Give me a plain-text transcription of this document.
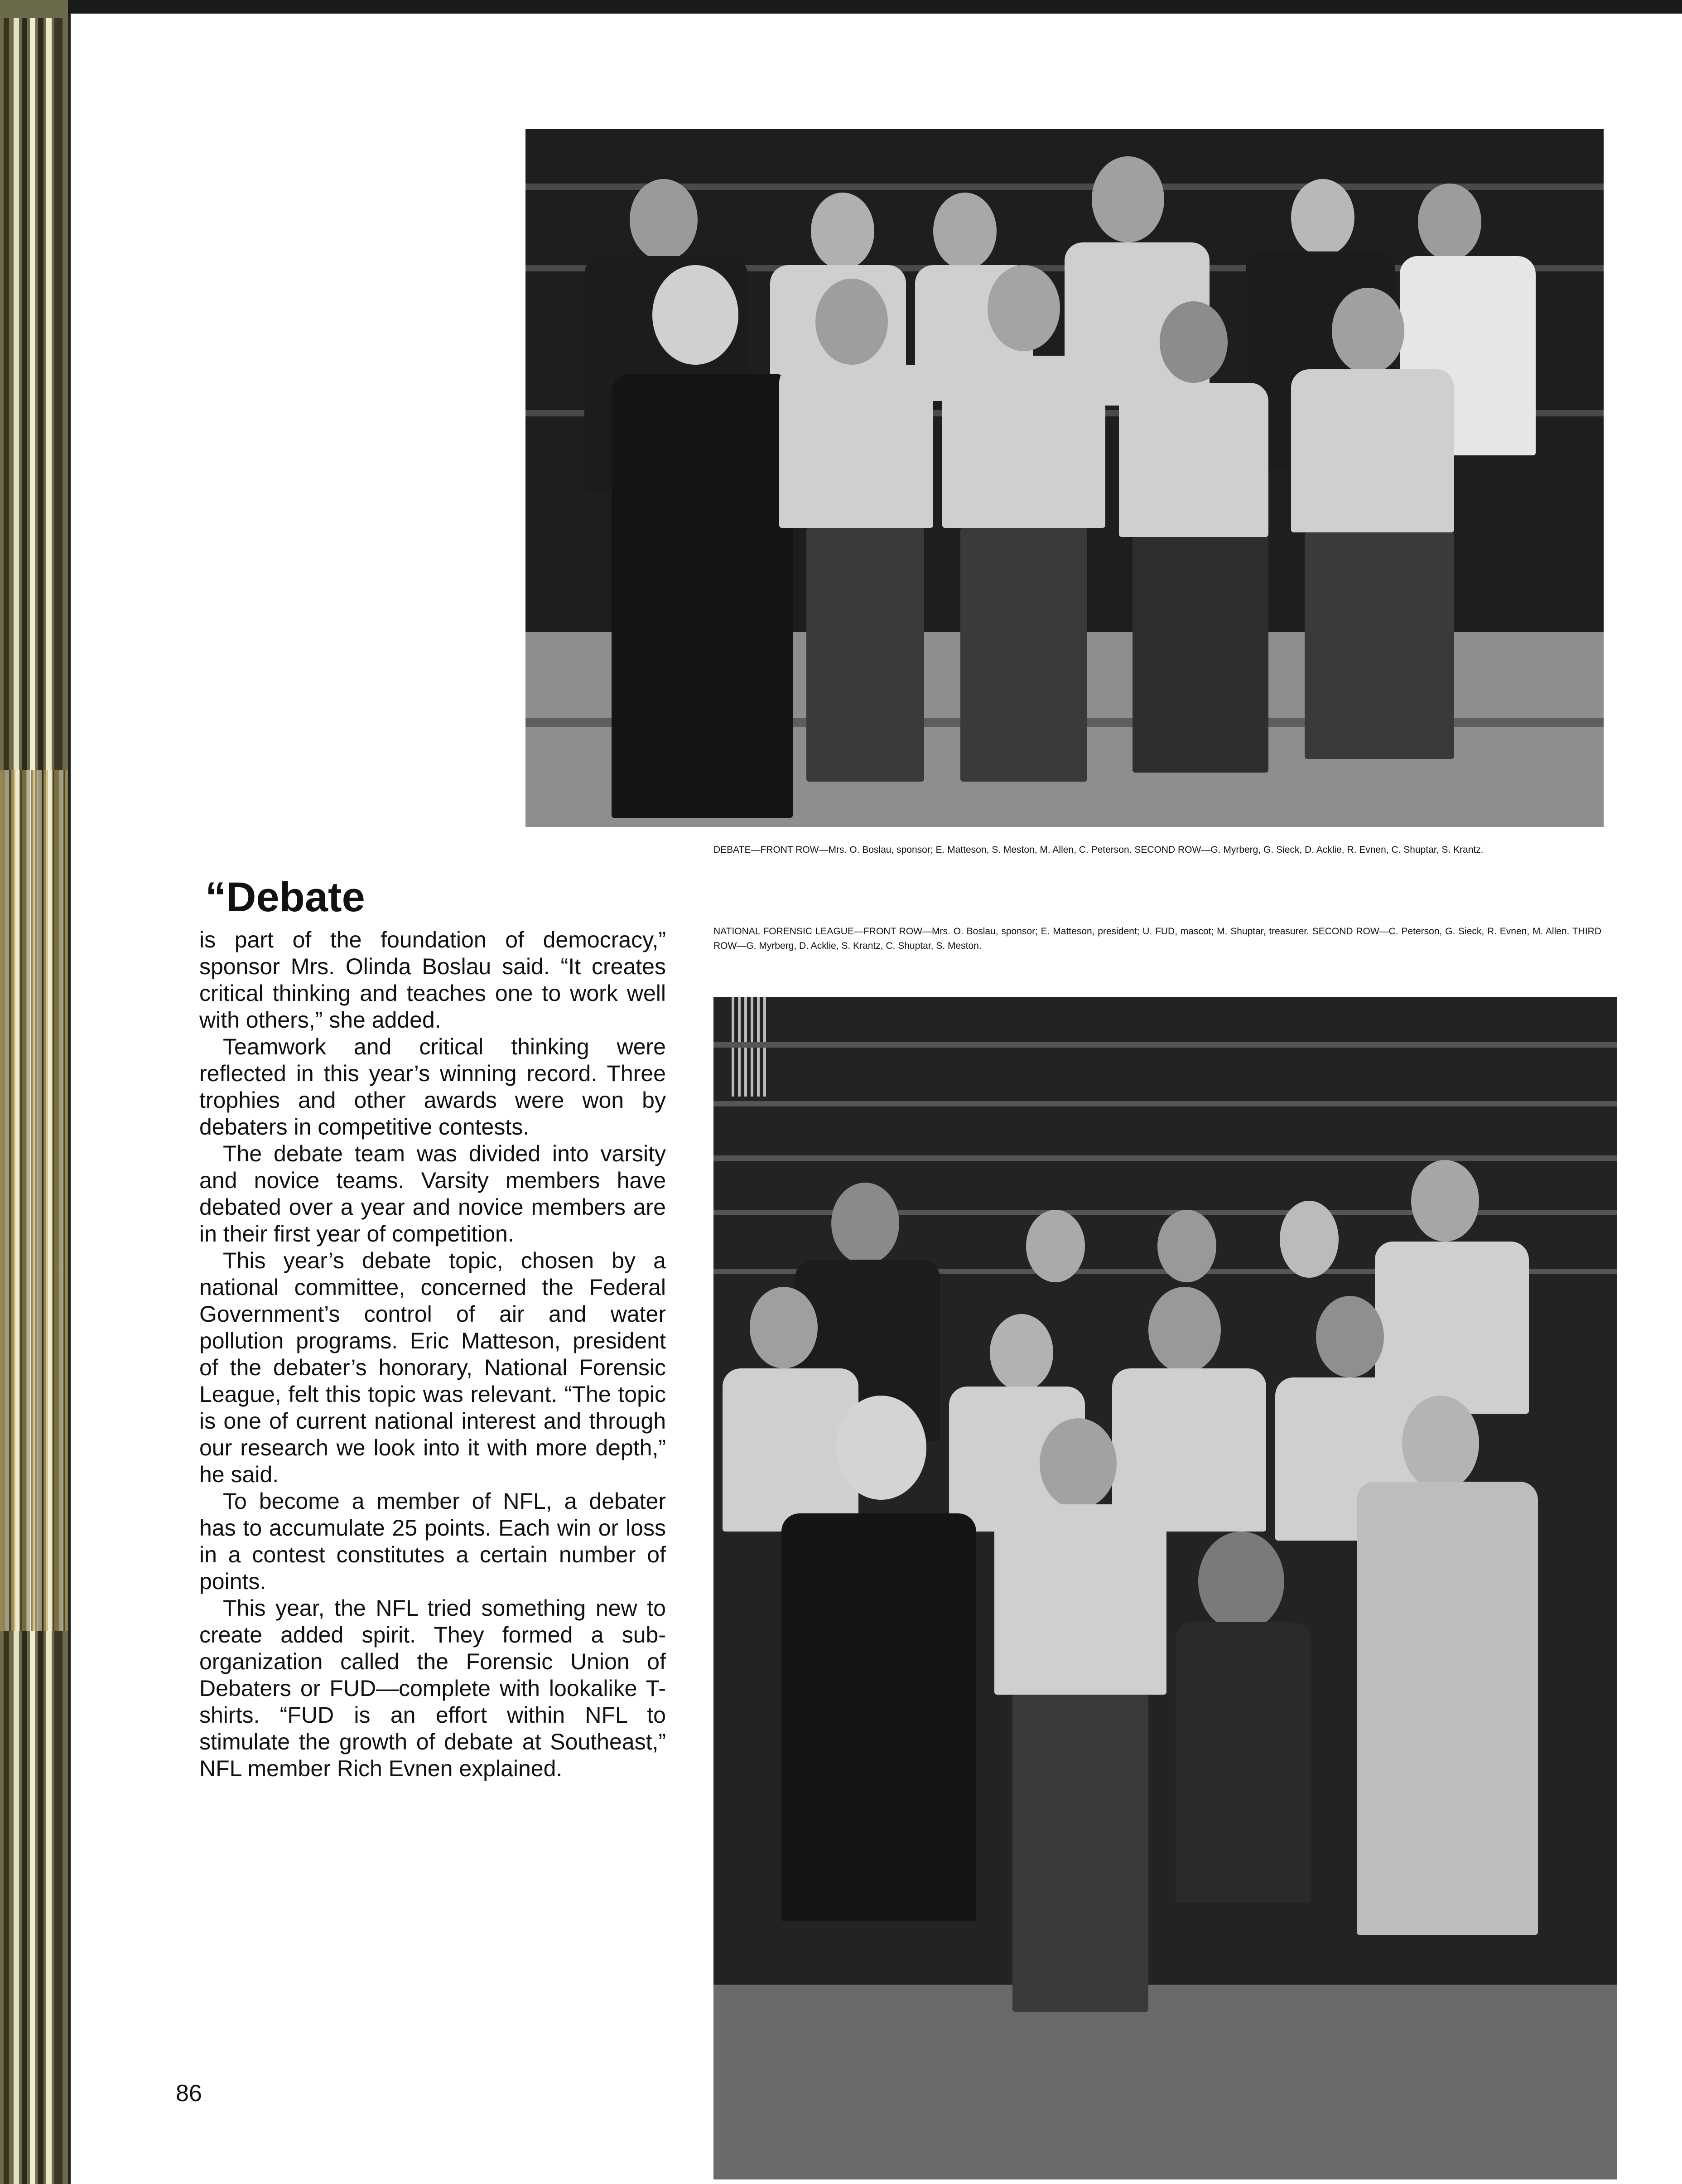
DEBATE—FRONT ROW—Mrs. O. Boslau, sponsor; E. Matteson, S. Meston, M. Allen, C. Peterson. SECOND ROW—G. Myrberg, G. Sieck, D. Acklie, R. Evnen, C. Shuptar, S. Krantz.
NATIONAL FORENSIC LEAGUE—FRONT ROW—Mrs. O. Boslau, sponsor; E. Matteson, president; U. FUD, mascot; M. Shuptar, treasurer. SECOND ROW—C. Peterson, G. Sieck, R. Evnen, M. Allen. THIRD ROW—G. Myrberg, D. Acklie, S. Krantz, C. Shuptar, S. Meston.
“Debate

is part of the foundation of democracy,” sponsor Mrs. Olinda Boslau said. “It creates critical thinking and teaches one to work well with others,” she added.

Teamwork and critical thinking were reflected in this year’s winning record. Three trophies and other awards were won by debaters in competitive contests.

The debate team was divided into varsity and novice teams. Varsity members have debated over a year and novice members are in their first year of competition.

This year’s debate topic, chosen by a national committee, concerned the Federal Government’s control of air and water pollution programs. Eric Matteson, president of the debater’s honorary, National Forensic League, felt this topic was relevant. “The topic is one of current national interest and through our research we look into it with more depth,” he said.

To become a member of NFL, a debater has to accumulate 25 points. Each win or loss in a contest constitutes a certain number of points.

This year, the NFL tried something new to create added spirit. They formed a sub-organization called the Forensic Union of Debaters or FUD—complete with lookalike T-shirts. “FUD is an effort within NFL to stimulate the growth of debate at Southeast,” NFL member Rich Evnen explained.

86
